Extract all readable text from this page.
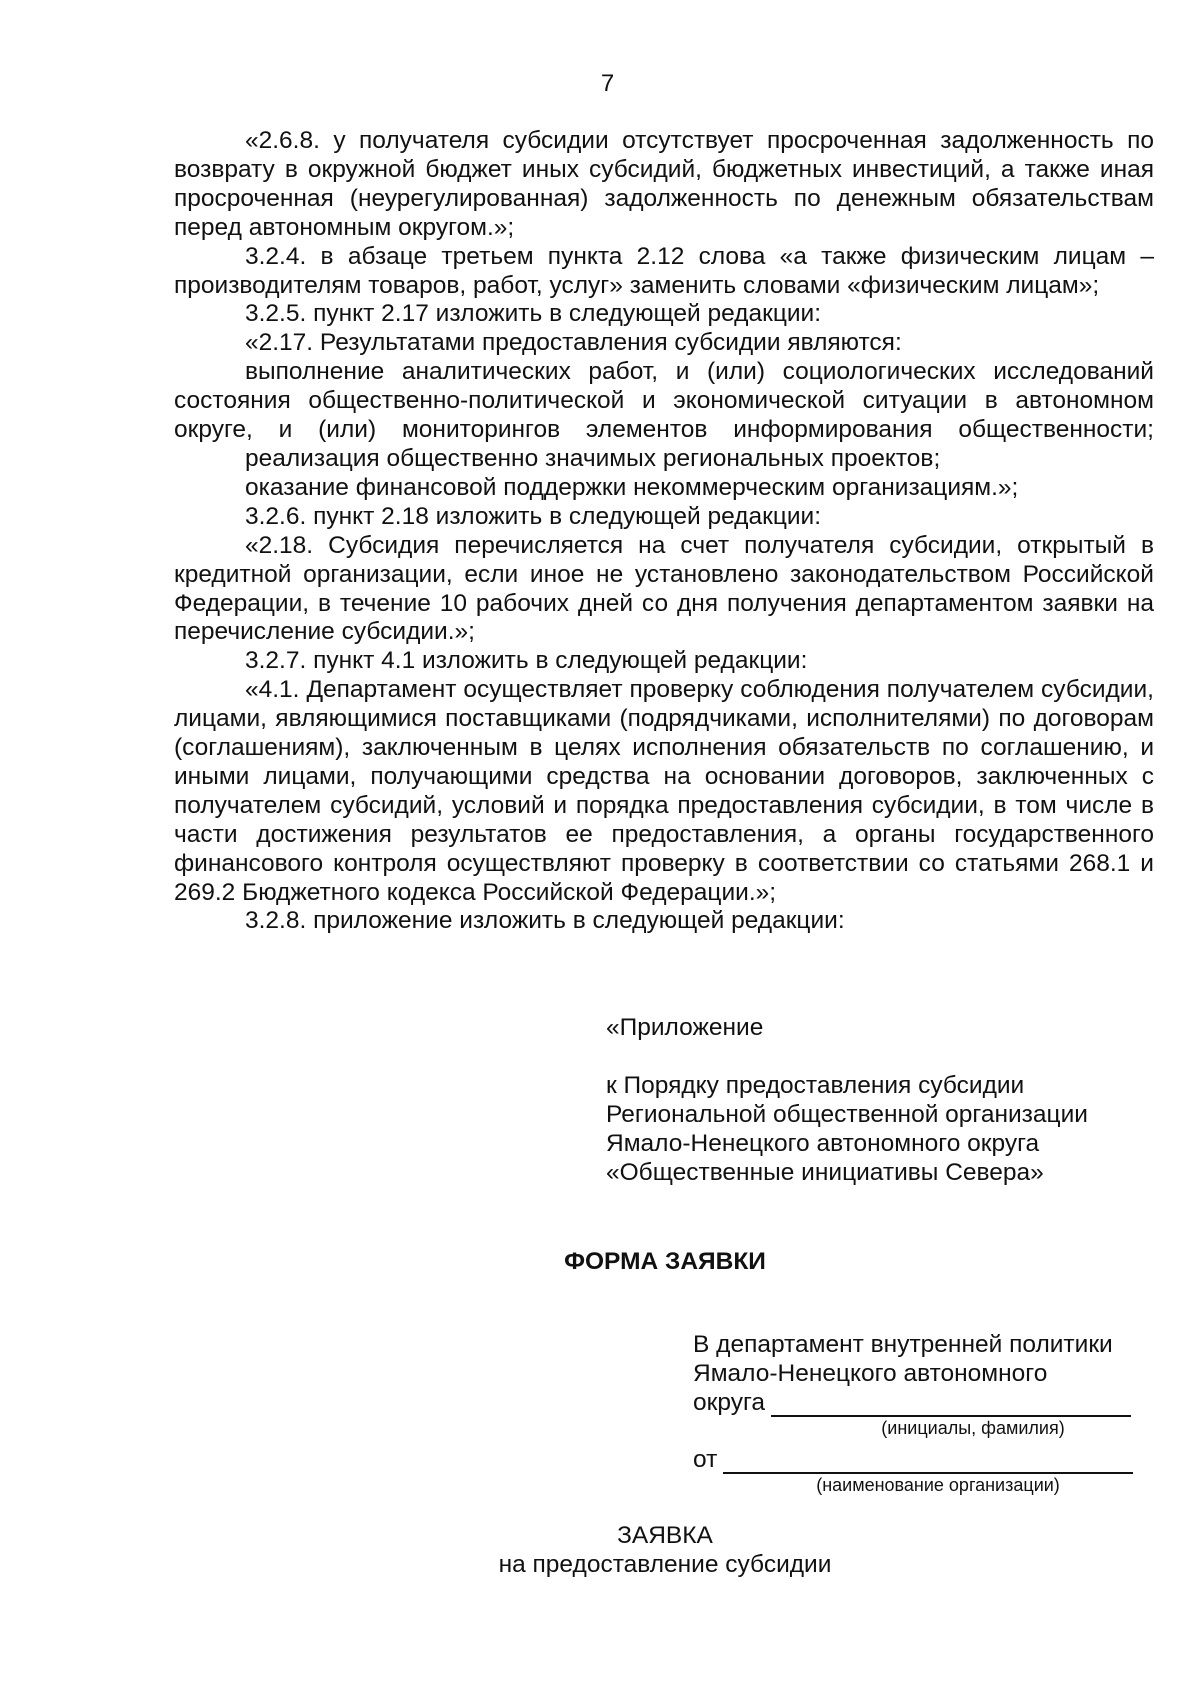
7

«2.6.8. у получателя субсидии отсутствует просроченная задолженность по возврату в окружной бюджет иных субсидий, бюджетных инвестиций, а также иная просроченная (неурегулированная) задолженность по денежным обязательствам перед автономным округом.»;

3.2.4. в абзаце третьем пункта 2.12 слова «а также физическим лицам – производителям товаров, работ, услуг» заменить словами «физическим лицам»;

3.2.5. пункт 2.17 изложить в следующей редакции:

«2.17. Результатами предоставления субсидии являются:

выполнение аналитических работ, и (или) социологических исследований состояния общественно-политической и экономической ситуации в автономном округе, и (или) мониторингов элементов информирования общественности;

реализация общественно значимых региональных проектов;

оказание финансовой поддержки некоммерческим организациям.»;

3.2.6. пункт 2.18 изложить в следующей редакции:

«2.18. Субсидия перечисляется на счет получателя субсидии, открытый в кредитной организации, если иное не установлено законодательством Российской Федерации, в течение 10 рабочих дней со дня получения департаментом заявки на перечисление субсидии.»;

3.2.7. пункт 4.1 изложить в следующей редакции:

«4.1. Департамент осуществляет проверку соблюдения получателем субсидии, лицами, являющимися поставщиками (подрядчиками, исполнителями) по договорам (соглашениям), заключенным в целях исполнения обязательств по соглашению, и иными лицами, получающими средства на основании договоров, заключенных с получателем субсидий, условий и порядка предоставления субсидии, в том числе в части достижения результатов ее предоставления, а органы государственного финансового контроля осуществляют проверку в соответствии со статьями 268.1 и 269.2 Бюджетного кодекса Российской Федерации.»;

3.2.8. приложение изложить в следующей редакции:

«Приложение
к Порядку предоставления субсидии
Региональной общественной организации
Ямало-Ненецкого автономного округа
«Общественные инициативы Севера»
ФОРМА ЗАЯВКИ
В департамент внутренней политики
Ямало-Ненецкого автономного
округа
(инициалы, фамилия)
от
(наименование организации)
ЗАЯВКА
на предоставление субсидии
